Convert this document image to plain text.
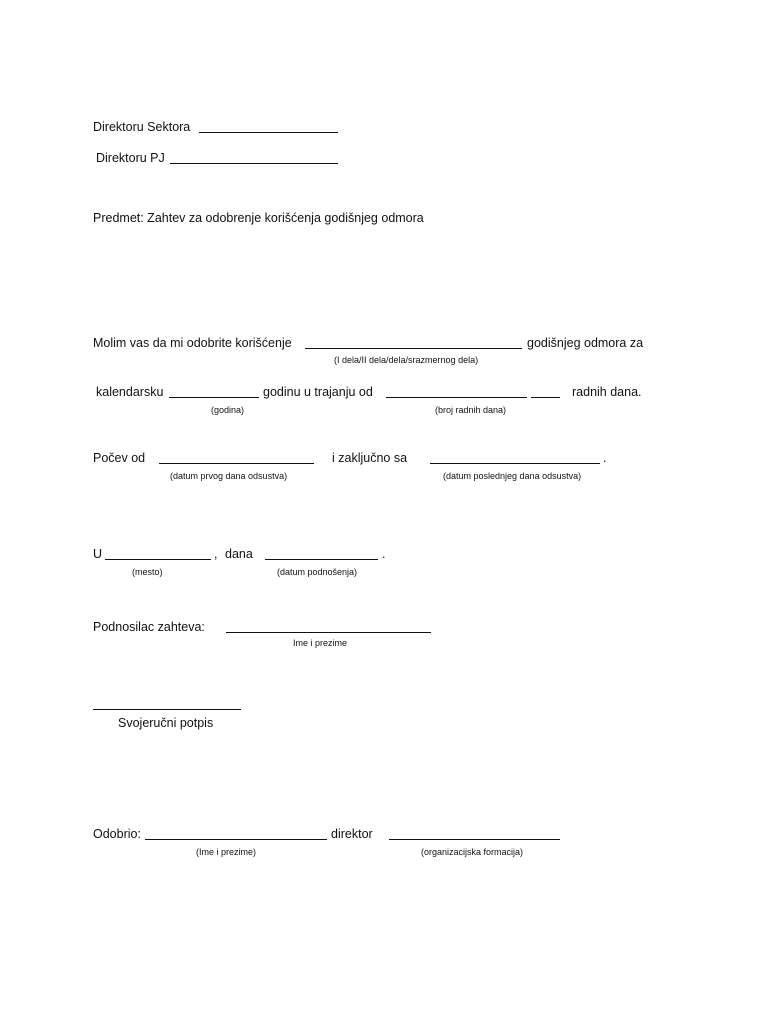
Direktoru Sektora
Direktoru PJ
Predmet: Zahtev za odobrenje korišćenja godišnjeg odmora
Molim vas da mi odobrite korišćenje	godišnjeg odmora za
(I dela/II dela/dela/srazmernog dela)
kalendarsku	godinu u trajanju od	radnih dana.
(godina)	(broj radnih dana)
Počev od	i zaključno sa	.
(datum prvog dana odsustva)	(datum poslednjeg dana odsustva)
U	, dana	.
(mesto)	(datum podnošenja)
Podnosilac zahteva:
Ime i prezime
Svojeručni potpis
Odobrio:	direktor
(Ime i prezime)	(organizacijska formacija)
